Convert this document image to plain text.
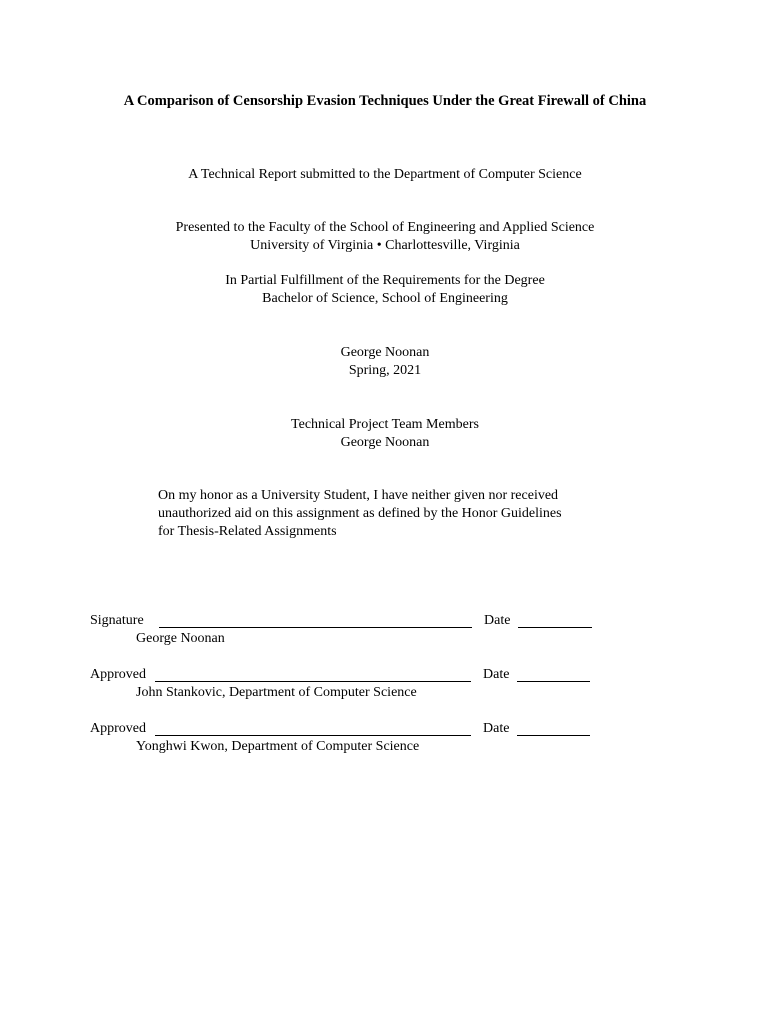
A Comparison of Censorship Evasion Techniques Under the Great Firewall of China
A Technical Report submitted to the Department of Computer Science
Presented to the Faculty of the School of Engineering and Applied Science
University of Virginia • Charlottesville, Virginia
In Partial Fulfillment of the Requirements for the Degree
Bachelor of Science, School of Engineering
George Noonan
Spring, 2021
Technical Project Team Members
George Noonan
On my honor as a University Student, I have neither given nor received
unauthorized aid on this assignment as defined by the Honor Guidelines
for Thesis-Related Assignments
Signature	Date
George Noonan
Approved	Date
John Stankovic, Department of Computer Science
Approved	Date
Yonghwi Kwon, Department of Computer Science
